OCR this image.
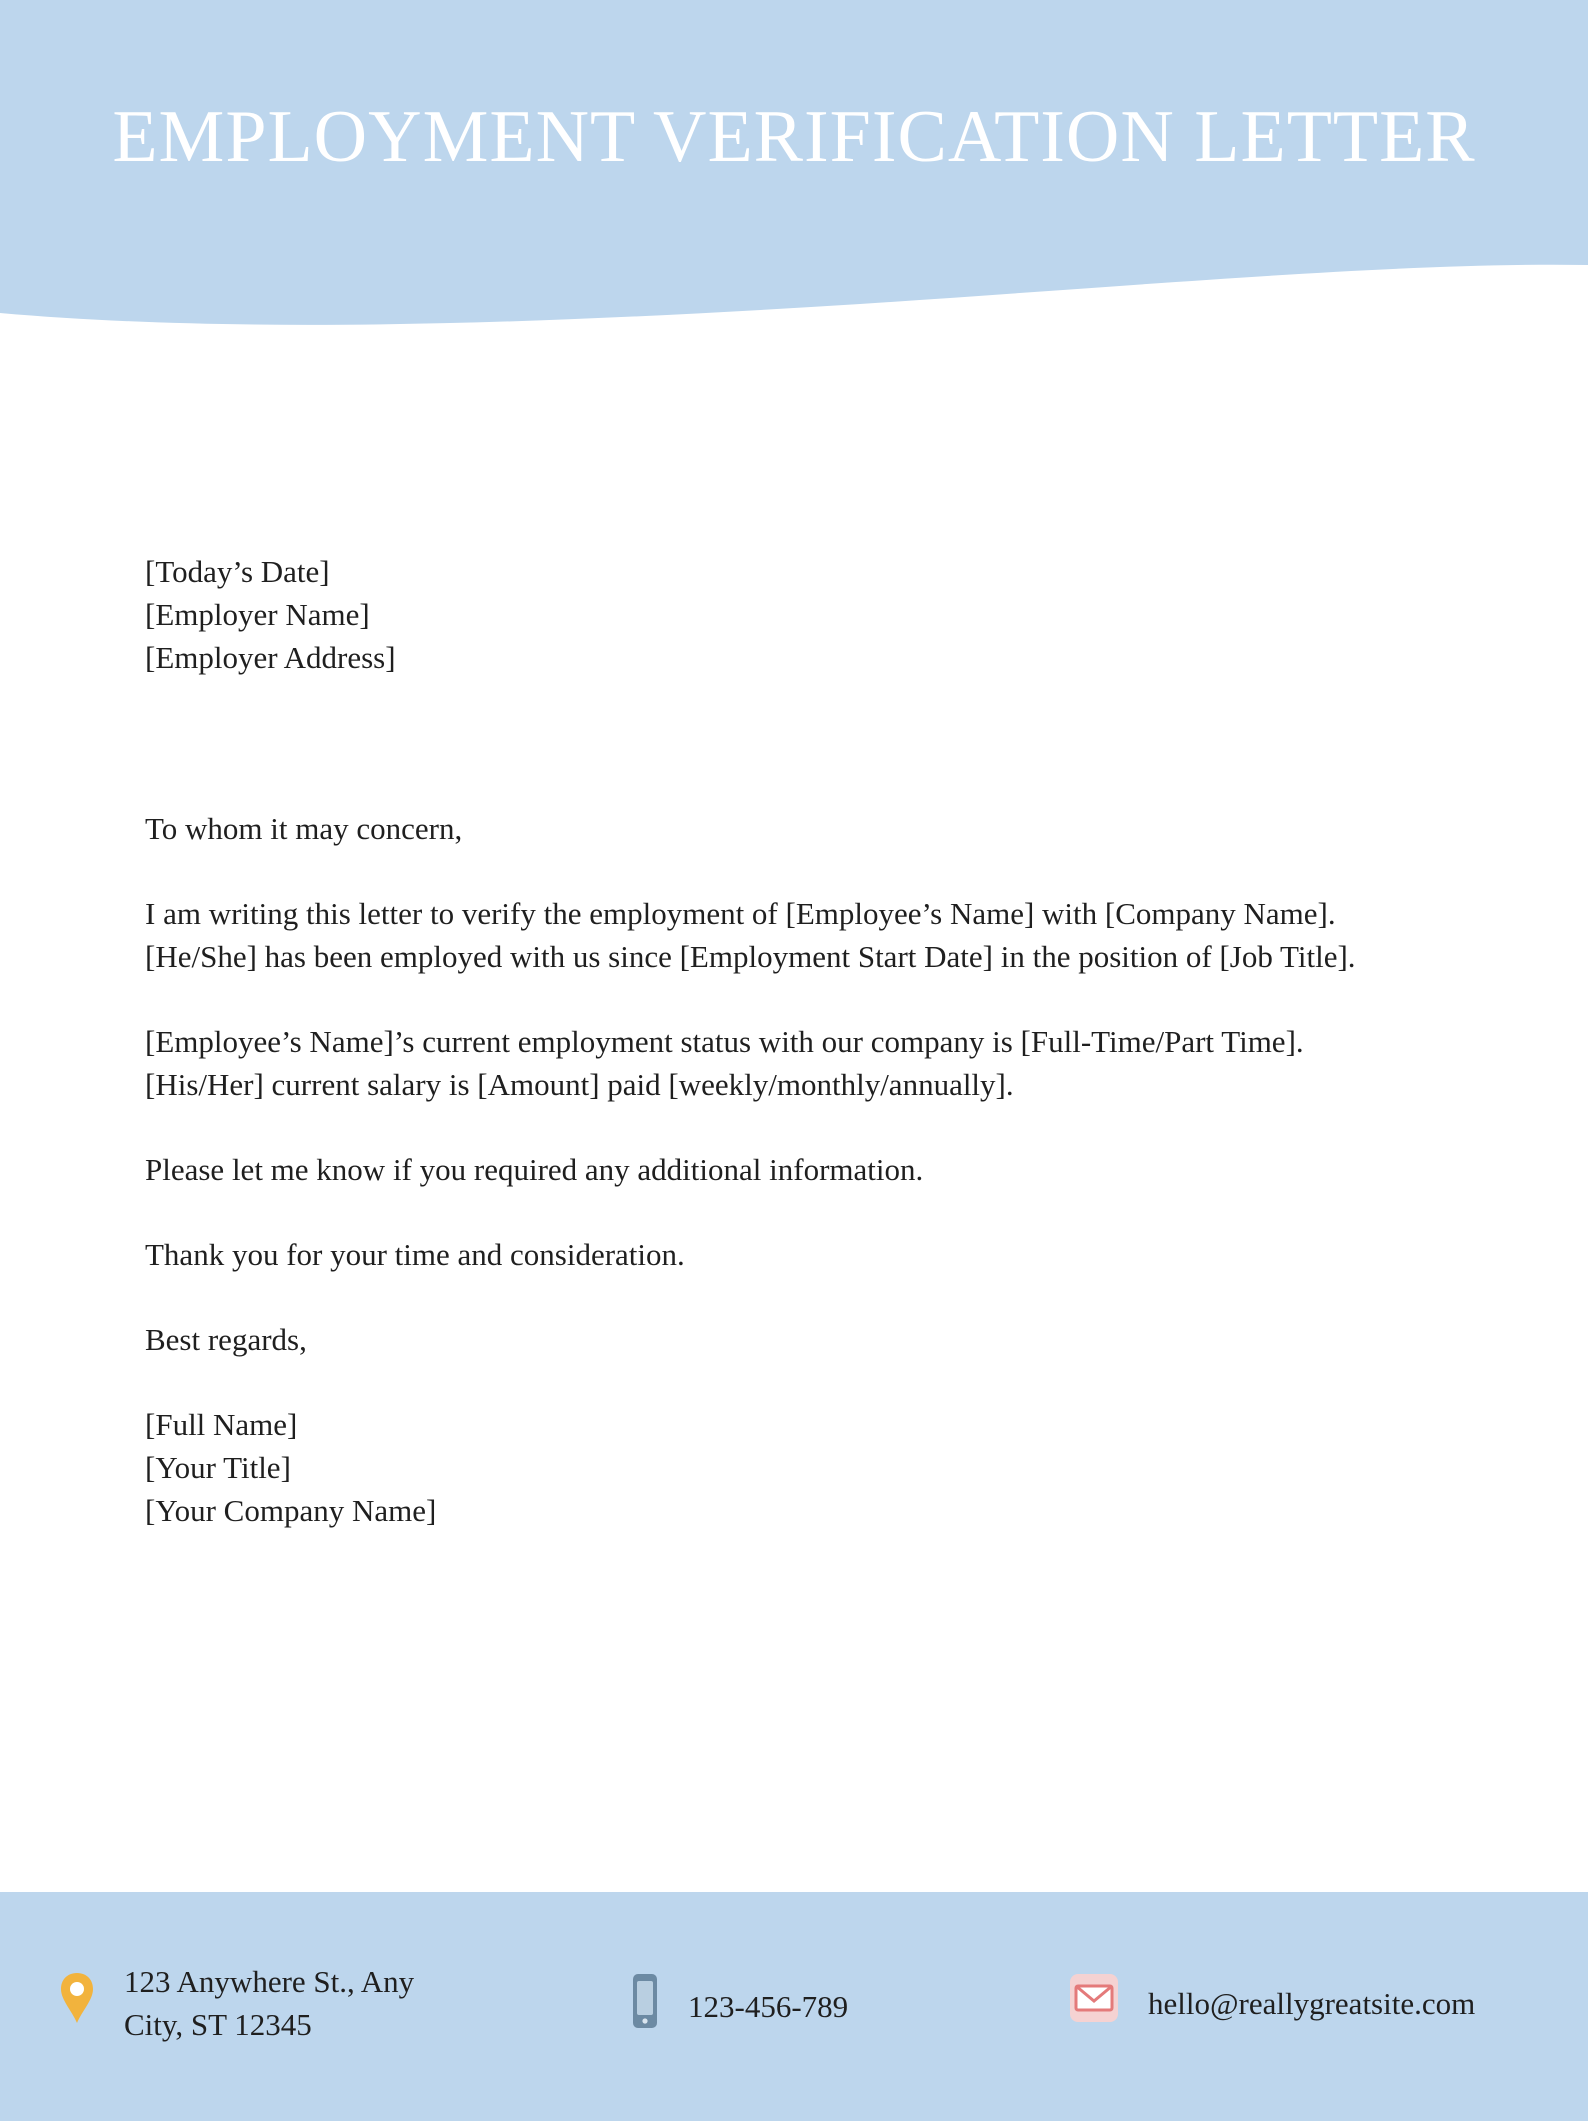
EMPLOYMENT VERIFICATION LETTER

[Today’s Date]

[Employer Name]

[Employer Address]

To whom it may concern,

I am writing this letter to verify the employment of [Employee’s Name] with [Company Name].

[He/She] has been employed with us since [Employment Start Date] in the position of [Job Title].

[Employee’s Name]’s current employment status with our company is [Full-Time/Part Time].

[His/Her] current salary is [Amount] paid [weekly/monthly/annually].

Please let me know if you required any additional information.

Thank you for your time and consideration.

Best regards,

[Full Name]

[Your Title]

[Your Company Name]

123 Anywhere St., Any
City, ST 12345
123-456-789	hello@reallygreatsite.com
